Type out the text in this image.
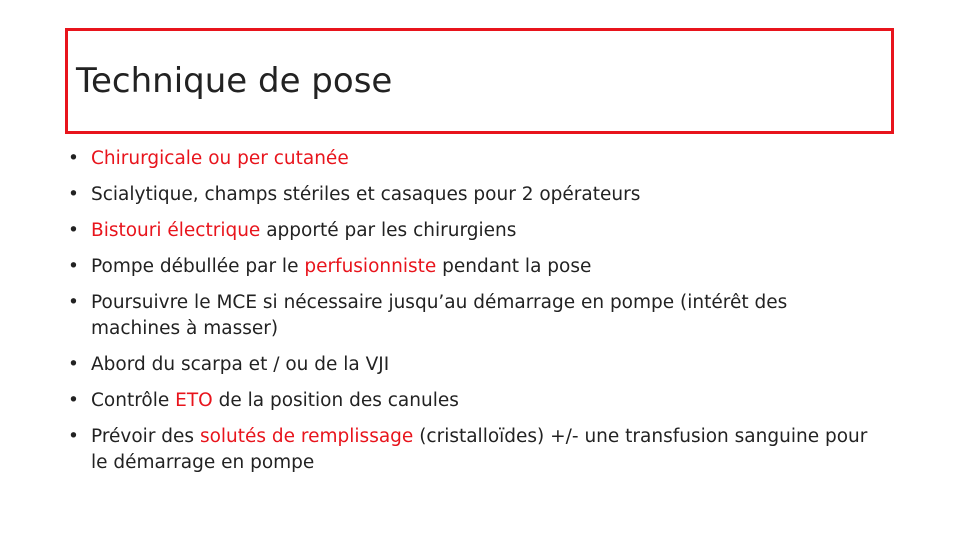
Technique de pose
• Chirurgicale ou per cutanée
• Scialytique, champs stériles et casaques pour 2 opérateurs
• Bistouri électrique apporté par les chirurgiens
• Pompe débullée par le perfusionniste pendant la pose
• Poursuivre le MCE si nécessaire jusqu’au démarrage en pompe (intérêt des machines à masser)
• Abord du scarpa et / ou de la VJI
• Contrôle ETO de la position des canules
• Prévoir des solutés de remplissage (cristalloïdes) +/- une transfusion sanguine pour le démarrage en pompe
